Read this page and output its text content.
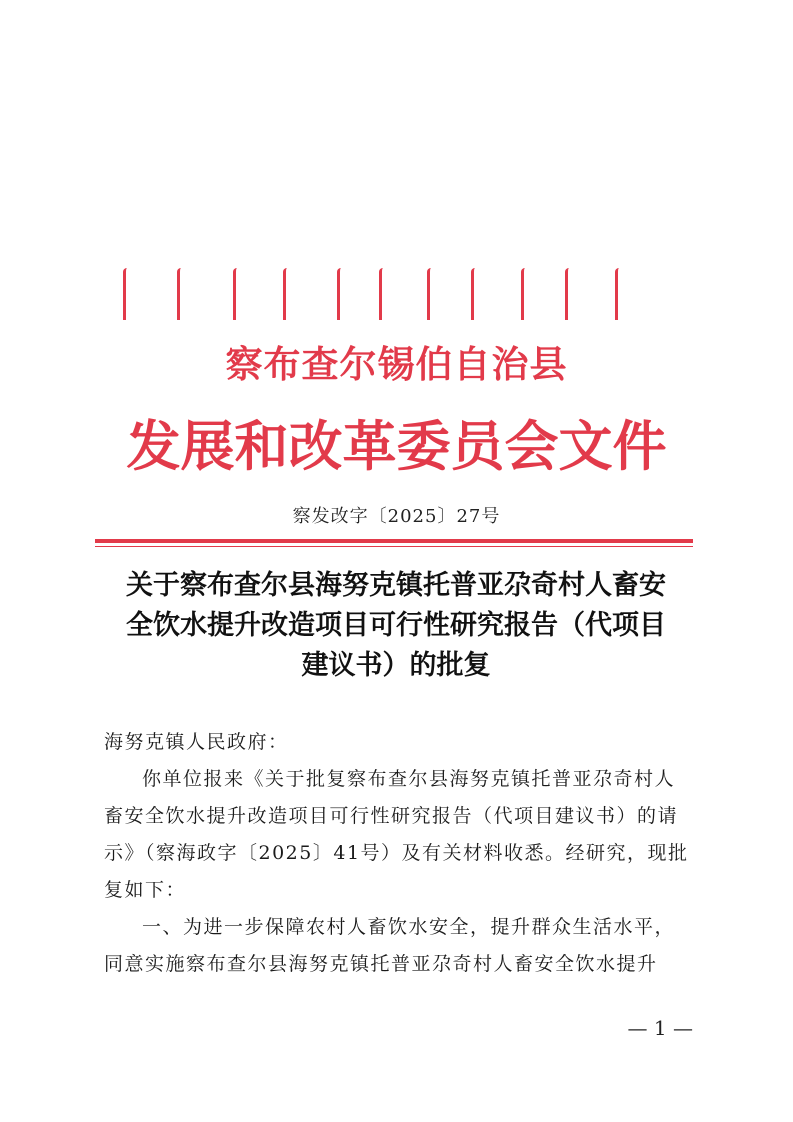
察布查尔锡伯自治县
发展和改革委员会文件
察发改字〔2025〕27号
关于察布查尔县海努克镇托普亚尕奇村人畜安
全饮水提升改造项目可行性研究报告（代项目
建议书）的批复

海努克镇人民政府：

你单位报来《关于批复察布查尔县海努克镇托普亚尕奇村人畜安全饮水提升改造项目可行性研究报告（代项目建议书）的请示》（察海政字〔2025〕41号）及有关材料收悉。经研究，现批复如下：

一、为进一步保障农村人畜饮水安全，提升群众生活水平，同意实施察布查尔县海努克镇托普亚尕奇村人畜安全饮水提升

— 1 —
